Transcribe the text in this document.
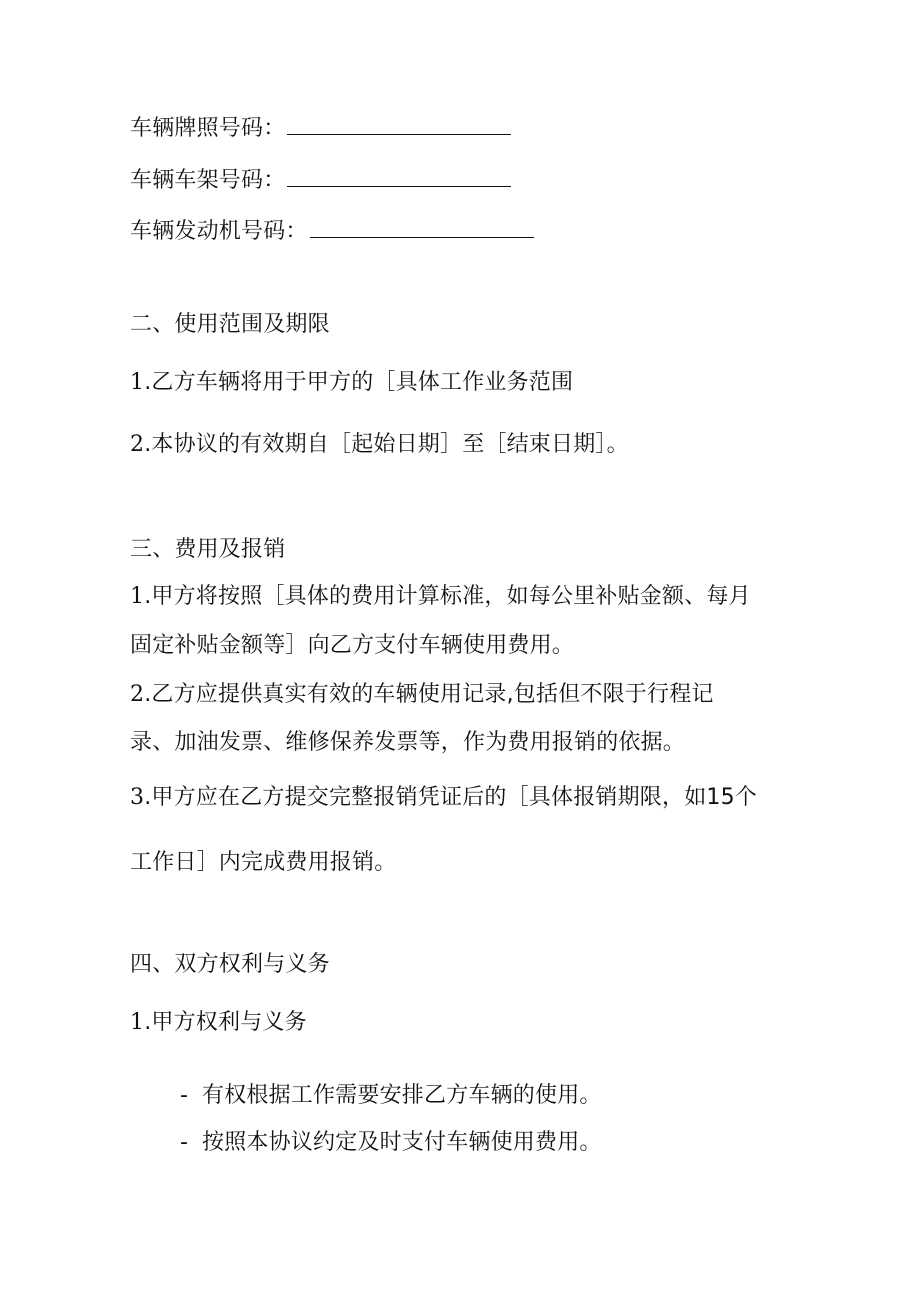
车辆牌照号码：
车辆车架号码：
车辆发动机号码：
二、使用范围及期限
1.乙方车辆将用于甲方的［具体工作业务范围
2.本协议的有效期自［起始日期］至［结束日期］。
三、费用及报销
1.甲方将按照［具体的费用计算标准，如每公里补贴金额、每月
固定补贴金额等］向乙方支付车辆使用费用。
2.乙方应提供真实有效的车辆使用记录,包括但不限于行程记
录、加油发票、维修保养发票等，作为费用报销的依据。
3.甲方应在乙方提交完整报销凭证后的［具体报销期限，如15个
工作日］内完成费用报销。
四、双方权利与义务
1.甲方权利与义务
- 有权根据工作需要安排乙方车辆的使用。
- 按照本协议约定及时支付车辆使用费用。
